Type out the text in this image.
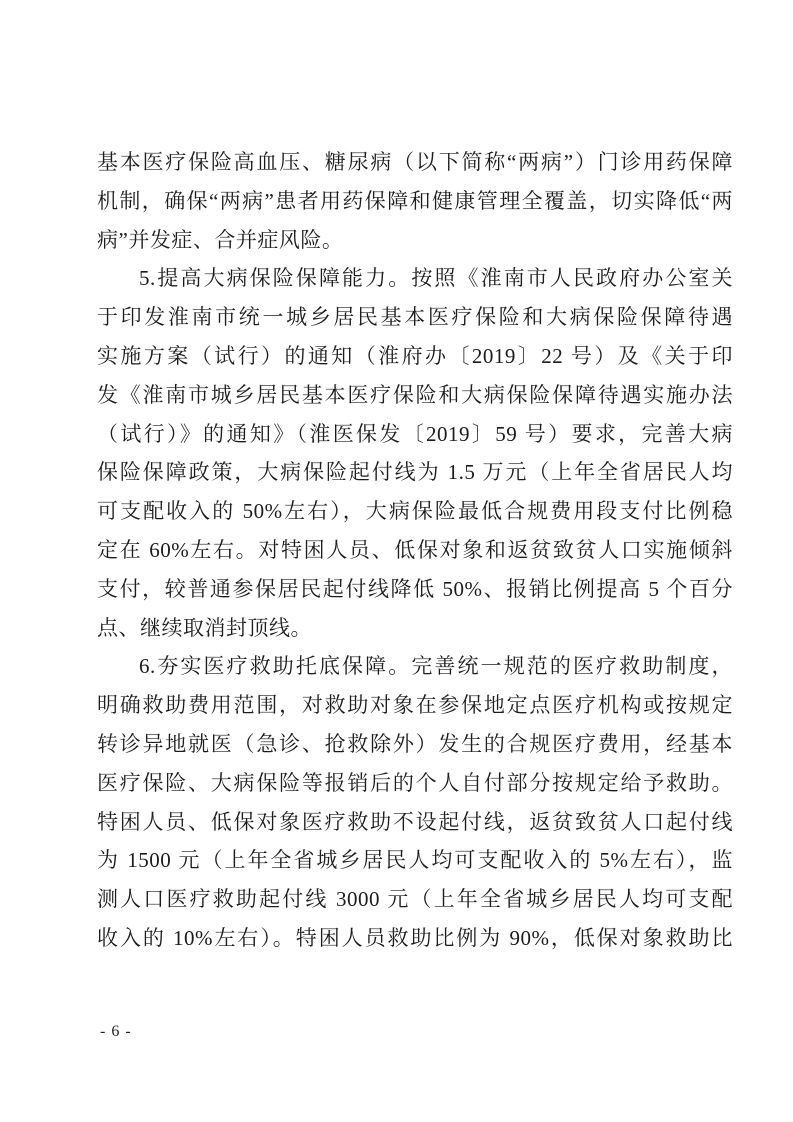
基本医疗保险高血压、糖尿病（以下简称“两病”）门诊用药保障
机制，确保“两病”患者用药保障和健康管理全覆盖，切实降低“两
病”并发症、合并症风险。
5.提高大病保险保障能力。按照《淮南市人民政府办公室关
于印发淮南市统一城乡居民基本医疗保险和大病保险保障待遇
实施方案（试行）的通知（淮府办〔2019〕22 号）及《关于印
发《淮南市城乡居民基本医疗保险和大病保险保障待遇实施办法
（试行）》的通知》（淮医保发〔2019〕59 号）要求，完善大病
保险保障政策，大病保险起付线为 1.5 万元（上年全省居民人均
可支配收入的 50%左右），大病保险最低合规费用段支付比例稳
定在 60%左右。对特困人员、低保对象和返贫致贫人口实施倾斜
支付，较普通参保居民起付线降低 50%、报销比例提高 5 个百分
点、继续取消封顶线。
6.夯实医疗救助托底保障。完善统一规范的医疗救助制度，
明确救助费用范围，对救助对象在参保地定点医疗机构或按规定
转诊异地就医（急诊、抢救除外）发生的合规医疗费用，经基本
医疗保险、大病保险等报销后的个人自付部分按规定给予救助。
特困人员、低保对象医疗救助不设起付线，返贫致贫人口起付线
为 1500 元（上年全省城乡居民人均可支配收入的 5%左右），监
测人口医疗救助起付线 3000 元（上年全省城乡居民人均可支配
收入的 10%左右）。特困人员救助比例为 90%，低保对象救助比
- 6 -
